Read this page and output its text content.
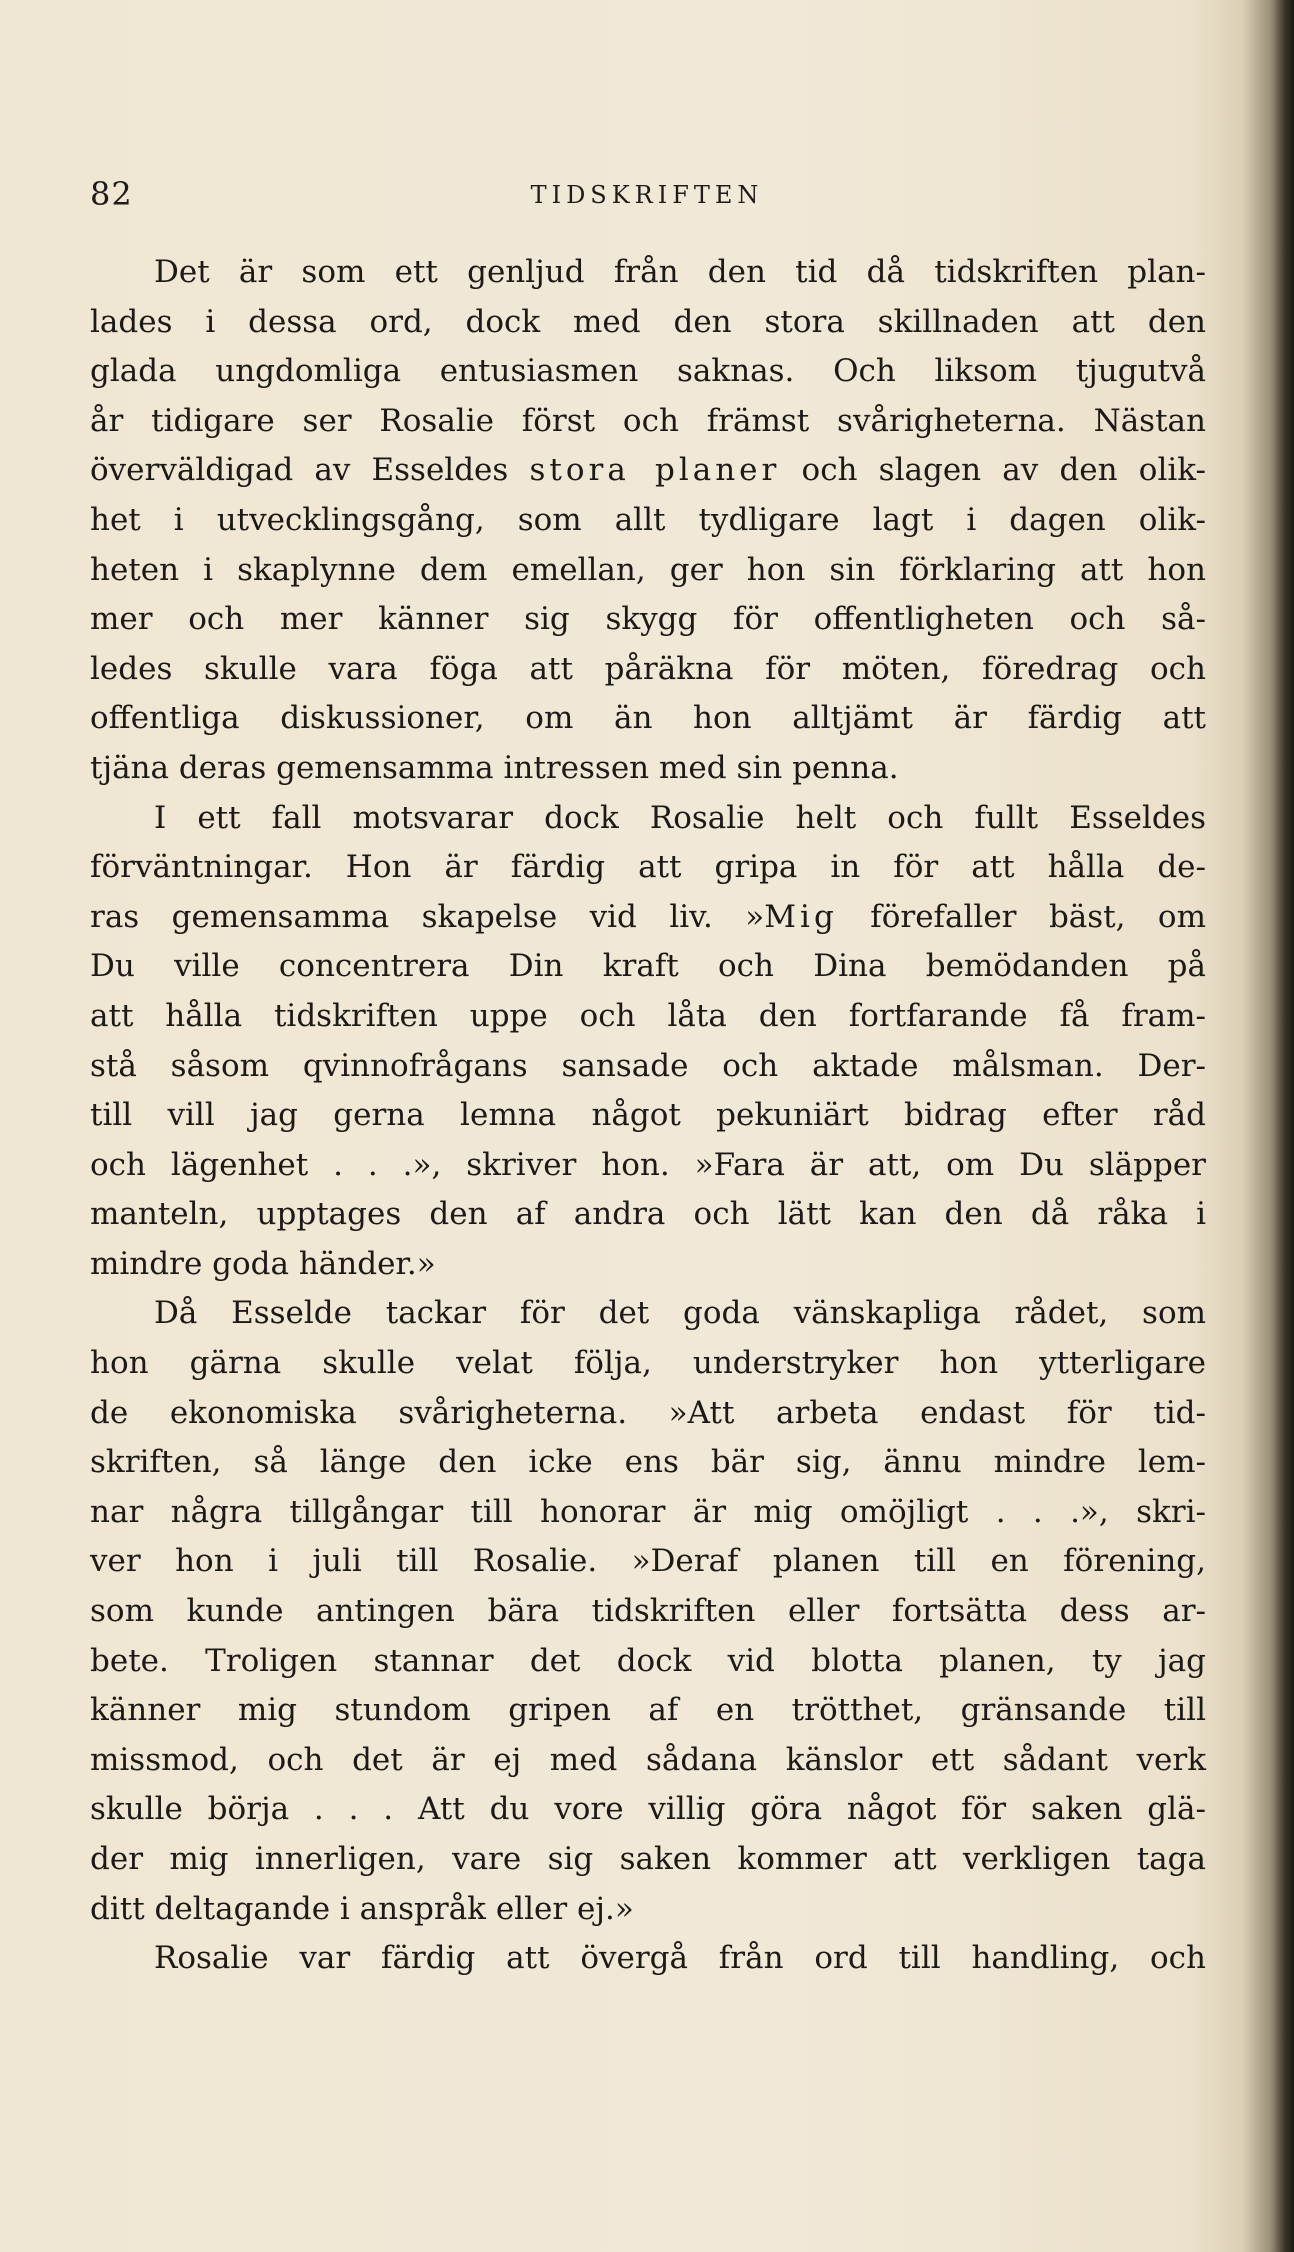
82	TIDSKRIFTEN
Det är som ett genljud från den tid då tidskriften plan-
lades i dessa ord, dock med den stora skillnaden att den
glada ungdomliga entusiasmen saknas. Och liksom tjugutvå
år tidigare ser Rosalie först och främst svårigheterna. Nästan
överväldigad av Esseldes stora planer och slagen av den olik-
het i utvecklingsgång, som allt tydligare lagt i dagen olik-
heten i skaplynne dem emellan, ger hon sin förklaring att hon
mer och mer känner sig skygg för offentligheten och så-
ledes skulle vara föga att påräkna för möten, föredrag och
offentliga diskussioner, om än hon alltjämt är färdig att
tjäna deras gemensamma intressen med sin penna.
I ett fall motsvarar dock Rosalie helt och fullt Esseldes
förväntningar. Hon är färdig att gripa in för att hålla de-
ras gemensamma skapelse vid liv. »Mig förefaller bäst, om
Du ville concentrera Din kraft och Dina bemödanden på
att hålla tidskriften uppe och låta den fortfarande få fram-
stå såsom qvinnofrågans sansade och aktade målsman. Der-
till vill jag gerna lemna något pekuniärt bidrag efter råd
och lägenhet . . .», skriver hon. »Fara är att, om Du släpper
manteln, upptages den af andra och lätt kan den då råka i
mindre goda händer.»
Då Esselde tackar för det goda vänskapliga rådet, som
hon gärna skulle velat följa, understryker hon ytterligare
de ekonomiska svårigheterna. »Att arbeta endast för tid-
skriften, så länge den icke ens bär sig, ännu mindre lem-
nar några tillgångar till honorar är mig omöjligt . . .», skri-
ver hon i juli till Rosalie. »Deraf planen till en förening,
som kunde antingen bära tidskriften eller fortsätta dess ar-
bete. Troligen stannar det dock vid blotta planen, ty jag
känner mig stundom gripen af en trötthet, gränsande till
missmod, och det är ej med sådana känslor ett sådant verk
skulle börja . . . Att du vore villig göra något för saken glä-
der mig innerligen, vare sig saken kommer att verkligen taga
ditt deltagande i anspråk eller ej.»
Rosalie var färdig att övergå från ord till handling, och
